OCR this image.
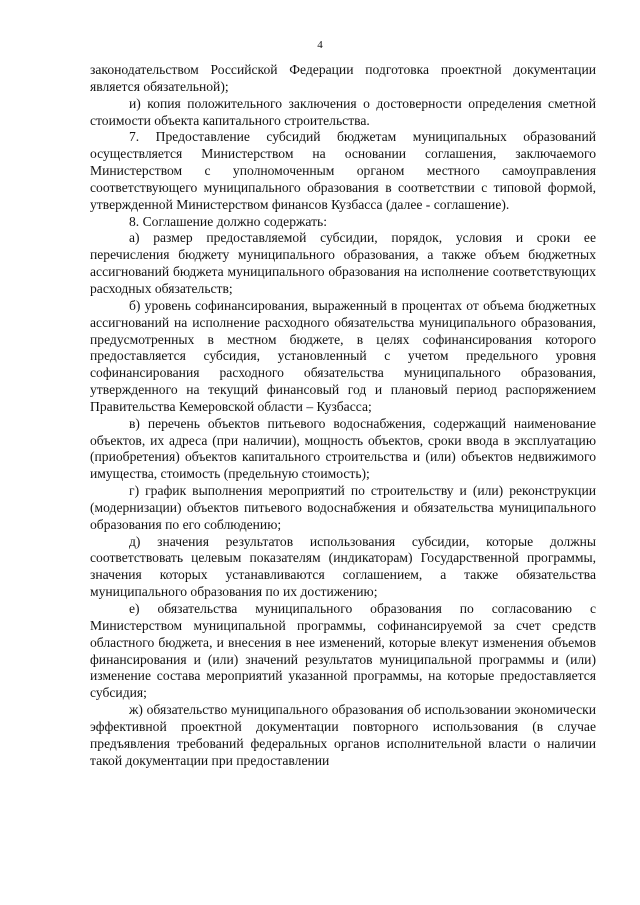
4

законодательством Российской Федерации подготовка проектной документации является обязательной);

и) копия положительного заключения о достоверности определения сметной стоимости объекта капитального строительства.

7. Предоставление субсидий бюджетам муниципальных образований осуществляется Министерством на основании соглашения, заключаемого Министерством с уполномоченным органом местного самоуправления соответствующего муниципального образования в соответствии с типовой формой, утвержденной Министерством финансов Кузбасса (далее - соглашение).

8. Соглашение должно содержать:

а) размер предоставляемой субсидии, порядок, условия и сроки ее перечисления бюджету муниципального образования, а также объем бюджетных ассигнований бюджета муниципального образования на исполнение соответствующих расходных обязательств;

б) уровень софинансирования, выраженный в процентах от объема бюджетных ассигнований на исполнение расходного обязательства муниципального образования, предусмотренных в местном бюджете, в целях софинансирования которого предоставляется субсидия, установленный с учетом предельного уровня софинансирования расходного обязательства муниципального образования, утвержденного на текущий финансовый год и плановый период распоряжением Правительства Кемеровской области – Кузбасса;

в) перечень объектов питьевого водоснабжения, содержащий наименование объектов, их адреса (при наличии), мощность объектов, сроки ввода в эксплуатацию (приобретения) объектов капитального строительства и (или) объектов недвижимого имущества, стоимость (предельную стоимость);

г) график выполнения мероприятий по строительству и (или) реконструкции (модернизации) объектов питьевого водоснабжения и обязательства муниципального образования по его соблюдению;

д) значения результатов использования субсидии, которые должны соответствовать целевым показателям (индикаторам) Государственной программы, значения которых устанавливаются соглашением, а также обязательства муниципального образования по их достижению;

е) обязательства муниципального образования по согласованию с Министерством муниципальной программы, софинансируемой за счет средств областного бюджета, и внесения в нее изменений, которые влекут изменения объемов финансирования и (или) значений результатов муниципальной программы и (или) изменение состава мероприятий указанной программы, на которые предоставляется субсидия;

ж) обязательство муниципального образования об использовании экономически эффективной проектной документации повторного использования (в случае предъявления требований федеральных органов исполнительной власти о наличии такой документации при предоставлении
